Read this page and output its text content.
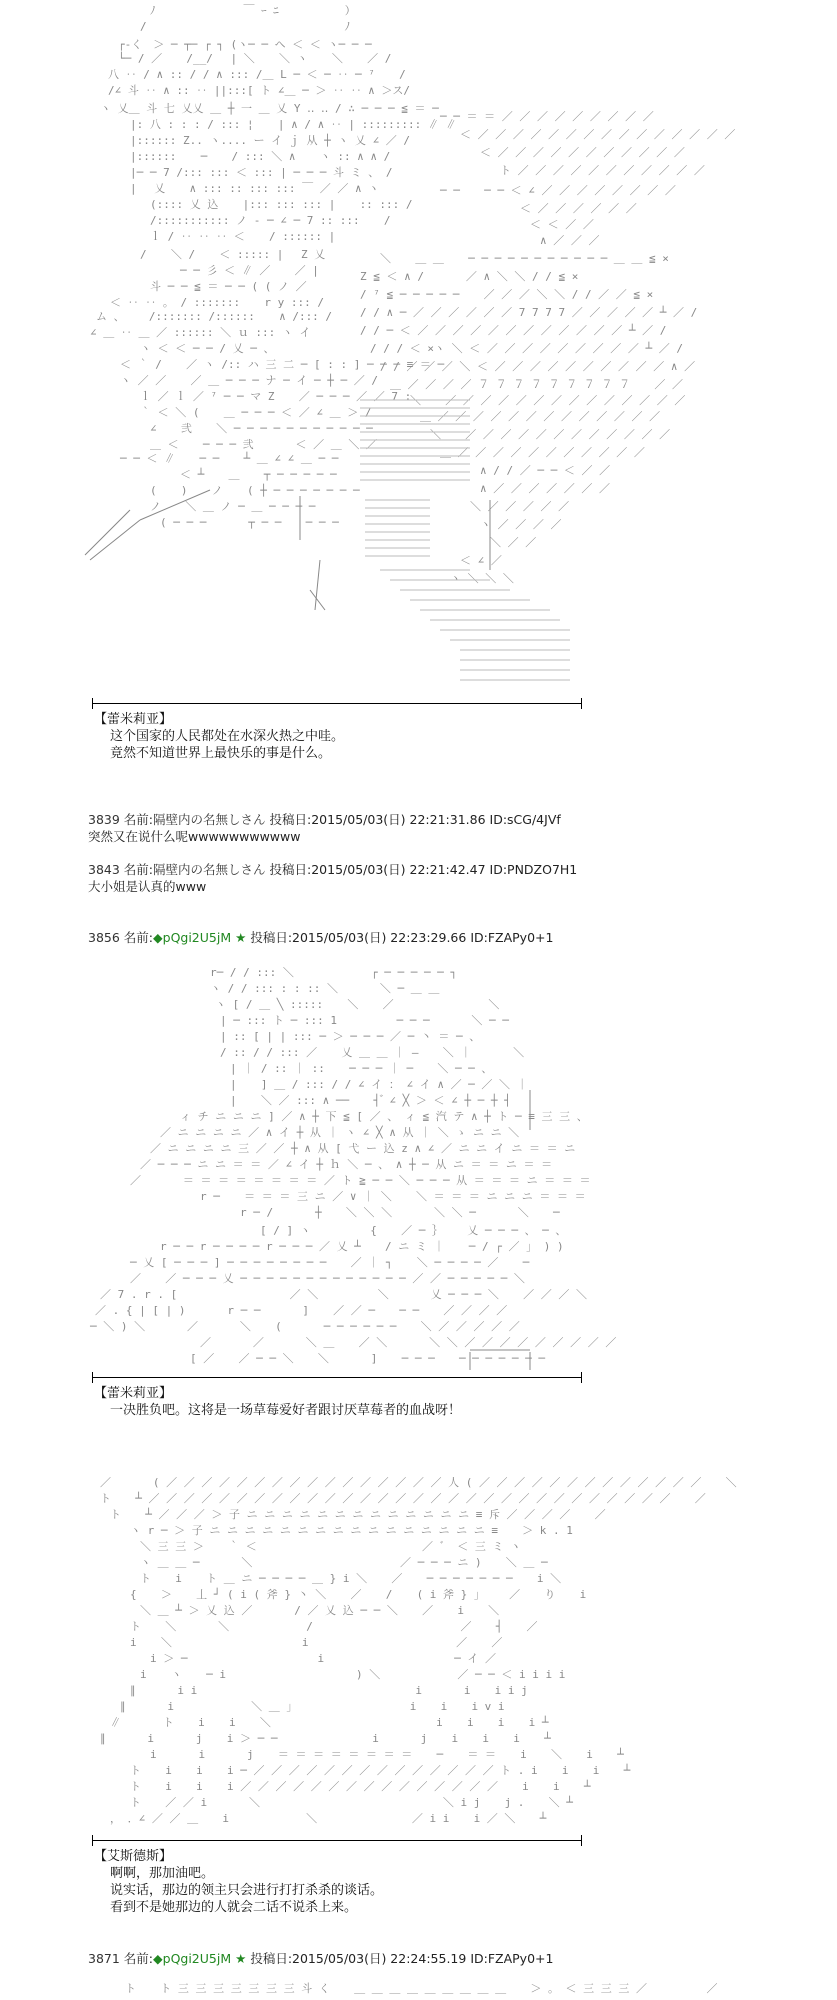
ﾉ　　　　　　　　￣ ｰ ﾆ　　　　　　）
/　　　　　　　　　　　　　　　　　　ﾉ
┌‐く　＞ ─ ┬─ ┌ ┐ (ヽ─ ─ ヘ ＜ ＜ ヽ─ ─ ─
└─ / ／ 　 /__/ 　| ＼ 　 ＼ ヽ 　 ＼ 　 ／ /
八 ‥ / ∧ :: / / ∧ ::: /＿ L ─ ＜ ─ ‥ ─ ⁷ 　 /
/∠ 斗 ‥ ∧ :: ‥ ||:::[ ト ∠＿ ─ ＞ ‥ ‥ ∧ ＞ス/
ヽ 乂＿ 斗 七 乂乂 ＿ ┼ 一 ＿ 乂 Y ‥ ‥ / ∴ ─ ─ ─ ≦ ＝ ─
|: 八 : : : / ::: ¦ 　 | ∧ / ∧ ‥ | ::::::::: ∥ ∥
|:::::: Z.. ヽ.... ー イ ｊ 从 ┼ ヽ 乂 ∠ ／ /
|:::::: 　 ─ 　 / ::: ＼ ∧ 　 ヽ :: ∧ ∧ /
|─ ─ 7 /::: ::: ＜ ::: | ─ ─ ─ 斗 ミ 、 /
|　 乂 　 ∧ ::: :: ::: ::: ￣ ／ ／ ∧ ヽ
(:::: 乂 込 　 |::: ::: ::: | 　 :: ::: /
/::::::::::: ノ ‐ ─ ∠ ─ 7 :: ::: 　 /
ｌ / ‥ ‥ ‥ ＜ 　 / :::::: |
/ 　 ＼ / 　 ＜ ::::: |　 Z 乂
─ ─ 彡 ＜ ∥ ／ 　 ／ |
斗 ─ ─ ≦ ＝ ─ ─ ( ( ノ ／
＜ ‥ ‥ 。 / ::::::: 　 r y ::: /
ム 、 　 /::::::: /:::::: 　 ∧ /::: /
∠ ＿ ‥ ＿ ／ :::::: ＼ ｕ ::: ヽ イ
ヽ ＜ ＜ ─ ─ / 乂 ─ 、
＜ ｀ / 　 ／ ヽ /:: ハ 三 二 ─ [ : : ] ─ ─ ─ ≡ ＝ ─
ヽ ／ ／ 　 ／ ＿ ─ ─ ─ ナ ─ イ ─ ┼ ─ ／ /
ｌ ／ ｌ ／ ⁷ ─ ─ マ Z 　 ／ ─ ─ ─ ／ ／ 7 :
｀ ＜ ＼ ( 　 ＿ ─ ─ ─ ＜ ／ ∠ ＿ ＞ /
∠ 　 弐 　 ＼ ─ ─ ─ ─ ─ ─ ─ ─ ─ ─ ─
＿ ＜ 　 ─ ─ ─ 弐 　 　 ＜ ／ ＿ ＼ ／
─ ─ ＜ ∥ 　 ─ ─ 　 ┴ ＿ ∠ ∠ ＿ ─ ─
＜ ┴ 　 ＿ 　 ┬ ─ ─ ─ ─ ─
( 　 ) 　 ノ 　 ( ┼ ─ ─ ─ ─ ─ ─ ─
ノ 　 ＼ ＿ ノ ─ ＿ ─ ─ ─ ─
( ─ ─ ─ 　 　 ┬ ─ ─ 　 ─ ─ ─
─ ─ ＝ ＝ ／ ／ ／ ／ ／ ／ ／ ／ ／
＜ ／ ／ ／ ／ ／ ／ ／ ／ ／ ／ ／ ／ ／ ／ ／
＜ ／ ／ ／ ／ ／ ／ ／ ／ ／ ／ ／
ト ／ ／ ／ ／ ／ ／ ／ ／ ／ ／ ／
─ ─ 　 ─ ─ ＜ ∠ ／ ／ ／ ／ ／ ／ ／ ／
＜ ／ ／ ／ ／ ／ ／
＜ ＜ ／ ／
∧ ／ ／ ／
＼ 　 ＿ ＿ 　 ─ ─ ─ ─ ─ ─ ─ ─ ─ ─ ─ ＿ ＿ ≦ ×
Z ≦ ＜ ∧ / 　 　 ／ ∧ ＼ ＼ / / ≦ ×
/ ⁷ ≦ ─ ─ ─ ─ ─ 　 ／ ／ ／ ＼ ＼ / / ／ ／ ≦ ×
/ / ∧ ─ ／ ／ ／ ／ ／ ／ 7 7 7 7 ／ ／ ／ ／ ／ ┴ ／ /
/ / ─ ＜ ／ ／ ／ ／ ／ ／ ／ ／ ／ ／ ／ ／ ┴ ／ /
/ / / ＜ ×ヽ ＼ ＜ ／ ／ ／ ／ ／ ／ ／ ／ ／ ┴ ／ /
/ / ／ ／ ／ ＼ ＜ ／ ／ ／ ／ ／ ／ ／ ／ ／ ／ ∧ ／
＿ ／ ／ ／ ／ ７ ７ ７ ７ ７ ７ ７ ７ ７ 　 ／ ／
＼ 　 ／ ／ ／ ／ ／ ／ ／ ／ ／ ／ ／ ／ ／ ／
＿ ／ ／ ／ ／ ／ ／ ／ ／ ／ ／ ／ ／ ／
＼ 　 ／ ／ ／ ／ ／ ／ ／ ／ ／ ／ ／ ／
＿ ／ ／ ／ ／ ／ ／ ／ ／ ／ ／ ／
∧ / / ／ ─ ─ ＜ ／ ／
∧ ／ ／ ／ ／ ／ ／ ／
＼ ／ ／ ／ ／ ／
ヽ ／ ／ ／ ／
＼ ／ ／
＜ ∠ ／
ヽ ＼ ＼ ＼
【蕾米莉亚】
这个国家的人民都处在水深火热之中哇。
竟然不知道世界上最快乐的事是什么。
3839 名前:隔壁内の名無しさん 投稿日:2015/05/03(日) 22:21:31.86 ID:sCG/4JVf
突然又在说什么呢wwwwwwwwwww
3843 名前:隔壁内の名無しさん 投稿日:2015/05/03(日) 22:21:42.47 ID:PNDZO7H1
大小姐是认真的www
3856 名前:◆pQgi2U5jM ★ 投稿日:2015/05/03(日) 22:23:29.66 ID:FZAPy0+1
r─ / / ::: ＼ 　 　 　 　 ┌ ─ ─ ─ ─ ─ ┐
ヽ / / ::: : : :: ＼ 　 　 ＼ ─ ＿ ＿
ヽ [ / ＿ ╲ ::::: 　 ＼ 　 ／ 　 　 　 　 　 ＼
| ─ ::: ト ─ ::: 1 　 　 　 ─ ─ ─ 　 　 ＼ ─ ─
| :: [ | | ::: ─ ＞ ─ ─ ─ ／ ─ 丶 ＝ ─ 、
/ :: / / ::: ／ 　 乂 ＿ ＿ ｜ ― 　 ＼ ｜ 　 　 ＼
| ｜ / :: ｜ :: 　 ─ ─ ─ ｜ ─ 　 ＼ ─ ─ 、
| 　 ] ＿ / ::: / / ∠ イ ： ∠ イ ∧ ／ ─ ／ ＼ ｜
| 　 ＼ ／ ::: ∧ ── 　 ┤ ゙ ∠ ╳ ＞ ＜ ∠ ┼ ─ ┼ ┤
ィ チ ニ ニ ニ ] ／ ∧ ┼ 下 ≦ [ ／ 、 ィ ≦ 汽 テ ∧ ┼ ト ─ ≡ 三 三 、
／ ニ ニ ニ ニ ／ ∧ イ ┼ 从 ｜ ヽ ∠ ╳ ∧ 从 ｜ ＼ ゝ ニ ニ ＼
／ ニ ニ ニ ニ 三 ／ ／ ┼ ∧ 从 [ 弋 ー 込 z ∧ ∠ ／ ニ ニ イ ニ ＝ ＝ ニ
／ ─ ─ ─ ニ ニ ＝ ＝ ／ ∠ イ ┼ ｈ ＼ ─ 、 ∧ ┼ ─ 从 ニ ＝ ＝ ニ ＝ ＝
／ 　 　 ＝ ＝ ＝ ＝ ＝ ＝ ＝ ＝ ／ ト ≧ ─ ─ ＼ ─ ─ ─ 从 ＝ ＝ ＝ ニ ＝ ＝ ＝
r ─ 　 ＝ ＝ ＝ 三 ニ ／ ∨ ｜ ＼ 　 ＼ ＝ ＝ ＝ ニ ニ ニ ＝ ＝ ＝
r ─ / 　 　 ┼ 　 ＼ ＼ ＼ 　 　 ＼ ＼ ─ 　 　 ＼ 　 ─
[ / ] ヽ 　 　 　 { 　 ／ ─ ｝ 　 乂 ─ ─ ─ 、 ─ 、
r ─ ─ r ─ ─ ─ ─ r ─ ─ ─ ／ 乂 ┴ 　 / ニ ミ ｜ 　 ─ / ┌ ／ 」 ) )
─ 乂 [ ─ ─ ─ ] ─ ─ ─ ─ ─ ─ ─ ─ 　 ／ ｜ ┐ 　 ＼ ─ ─ ─ ─ ／ 　 ─
／ 　 ／ ─ ─ ─ 乂 ─ ─ ─ ─ ─ ─ ─ ─ ─ ─ ─ ─ ─ ／ ／ ─ ─ ─ ─ ─ ＼
／ 7 . r . [ 　 　 　 　 　 　 ／ ＼ 　 　 　 ＼ 　 　 乂 ─ ─ ─ ＼ 　 ／ ／ ／ ＼
／ . { | [ | ) 　 　 r ─ ─ 　 　 ] 　 ／ ／ ─ 　 ─ ─ 　 ／ ／ ／ ／
─ ＼ ) ＼ 　 　 ／ 　 　 ＼ 　 ( 　 　 ─ ─ ─ ─ ─ ─ 　 ＼ ／ ／ ／ ／ ／
／ 　 　 ／ 　 　 ＼ ＿ 　 ／ ＼ 　 　 ＼ ＼ ／ ／ ／ ／ ／ ／ ／ ／ ／
[ ／ 　 ／ ─ ─ ＼ 　 ＼ 　 　 ] 　 ─ ─ ─ 　 ─ ─ ─ ─ ─ ─ ─
【蕾米莉亚】
一决胜负吧。这将是一场草莓爱好者跟讨厌草莓者的血战呀！
／ 　 　 ( ／ ／ ／ ／ ／ ／ ／ ／ ／ ／ ／ ／ ／ ／ ／ ／ 人 ( ／ ／ ／ ／ ／ ／ ／ ／ ／ ／ ／ ／ ／ 　 ＼
ト 　 ┴ ／ ／ ／ ／ ／ ／ ／ ／ ／ ／ ／ ／ ／ ／ ／ ／ ／ ／ ／ ／ ／ ／ ／ ／ ／ ／ ／ ／ ／ ／ 　 ／
ト 　 ┴ ／ ／ ／ ＞ 子 ニ ニ ニ ニ ニ ニ ニ ニ ニ ニ ニ ニ ニ ≡ 斥 ／ ／ ／ ／ 　 ／
ヽ r ─ ＞ 子 ニ ニ ニ ニ ニ ニ ニ ニ ニ ニ ニ ニ ニ ニ ニ ニ ≡ 　 ＞ k . 1
＼ 三 三 ＞ 　 ｀ ＜ 　 　 　 　 　 　 　 　 　 ／ ゛ ＜ 三 ミ ヽ
ヽ ＿ ＿ ─ 　 　 ＼ 　 　 　 　 　 　 　 　 ／ ─ ─ ─ ニ ) 　 ＼ ＿ ─
ト 　 i 　 ト ＿ ニ ─ ─ ─ ─ ＿ } i ＼ 　 ／ 　 ─ ─ ─ ─ ─ ─ ─ 　 i ＼
{ 　 ＞ 　 丄 ┘ ( i ( 斧 } 丶 ＼ 　 ／ 　 / 　 ( i 斧 } 」 　 ／ 　 り 　 i
＼ ＿ ┴ ＞ 乂 込 ／ 　 　 / ／ 乂 込 ─ ─ ＼ 　 ／ 　 i 　 ＼
ト 　 ＼ 　 　 ＼ 　 　 　 　 / 　 　 　 　 　 　 　 　 ／ 　 ┤ 　 ／
i 　 ＼ 　 　 　 　 　 　 　 i 　 　 　 　 　 　 　 　 ／ 　 ／
i ＞ ─ 　 　 　 　 　 　 　 i 　 　 　 　 　 　 　 ─ イ ／
i 　 ヽ 　 ─ i 　 　 　 　 　 　 　 ) ＼ 　 　 　 　 ／ ─ ─ ＜ i i i i
∥ 　 　 i i 　 　 　 　 　 　 　 　 　 　 　 　 i 　 　 i 　 i i j
∥ 　 　 i 　 　 　 　 ＼ ＿ 」 　 　 　 　 　 　 i 　 i 　 i v i
∥ 　 　 ト 　 i 　 i 　 ＼ 　 　 　 　 　 　 　 　 　 i 　 i 　 i 　 i ┴
∥ 　 　 i 　 　 j 　 i ＞ ─ ─ 　 　 　 　 　 i 　 　 j 　 i 　 i 　 i 　 ┴
i 　 　 i 　 　 j 　 ＝ ＝ ＝ ＝ ＝ ＝ ＝ ＝ 　 ─ 　 ＝ ＝ 　 i 　 ＼ 　 i 　 ┴
ト 　 i 　 i 　 i ─ ／ ／ ／ ／ ／ ／ ／ ／ ／ ／ ／ ／ ／ ／ ト . i 　 i 　 i 　 ┴
ト 　 i 　 i 　 i ／ ／ ／ ／ ／ ／ ／ ／ ／ ／ ／ ／ ／ ／ ／ 　 i 　 i 　 ┴
ト 　 ／ ／ i 　 　 ＼ 　 　 　 　 　 　 　 　 　 　 ＼ i j 　 j . 　 ＼ ┴
， ．∠ ／ ／ ＿ 　 i 　 　 　 　 ＼ 　 　 　 　 　 ／ i i 　 i ／ ＼ 　 ┴
【艾斯德斯】
啊啊，那加油吧。
说实话，那边的领主只会进行打打杀杀的谈话。
看到不是她那边的人就会二话不说杀上来。
3871 名前:◆pQgi2U5jM ★ 投稿日:2015/05/03(日) 22:24:55.19 ID:FZAPy0+1
ト 　 ト 三 三 三 三 三 三 三 斗 く 　 ＿ ＿ ＿ ＿ ＿ ＿ ＿ ＿ ＿ 　 ＞ 。 ＜ 三 三 三 ／ 　 　 　 ／
